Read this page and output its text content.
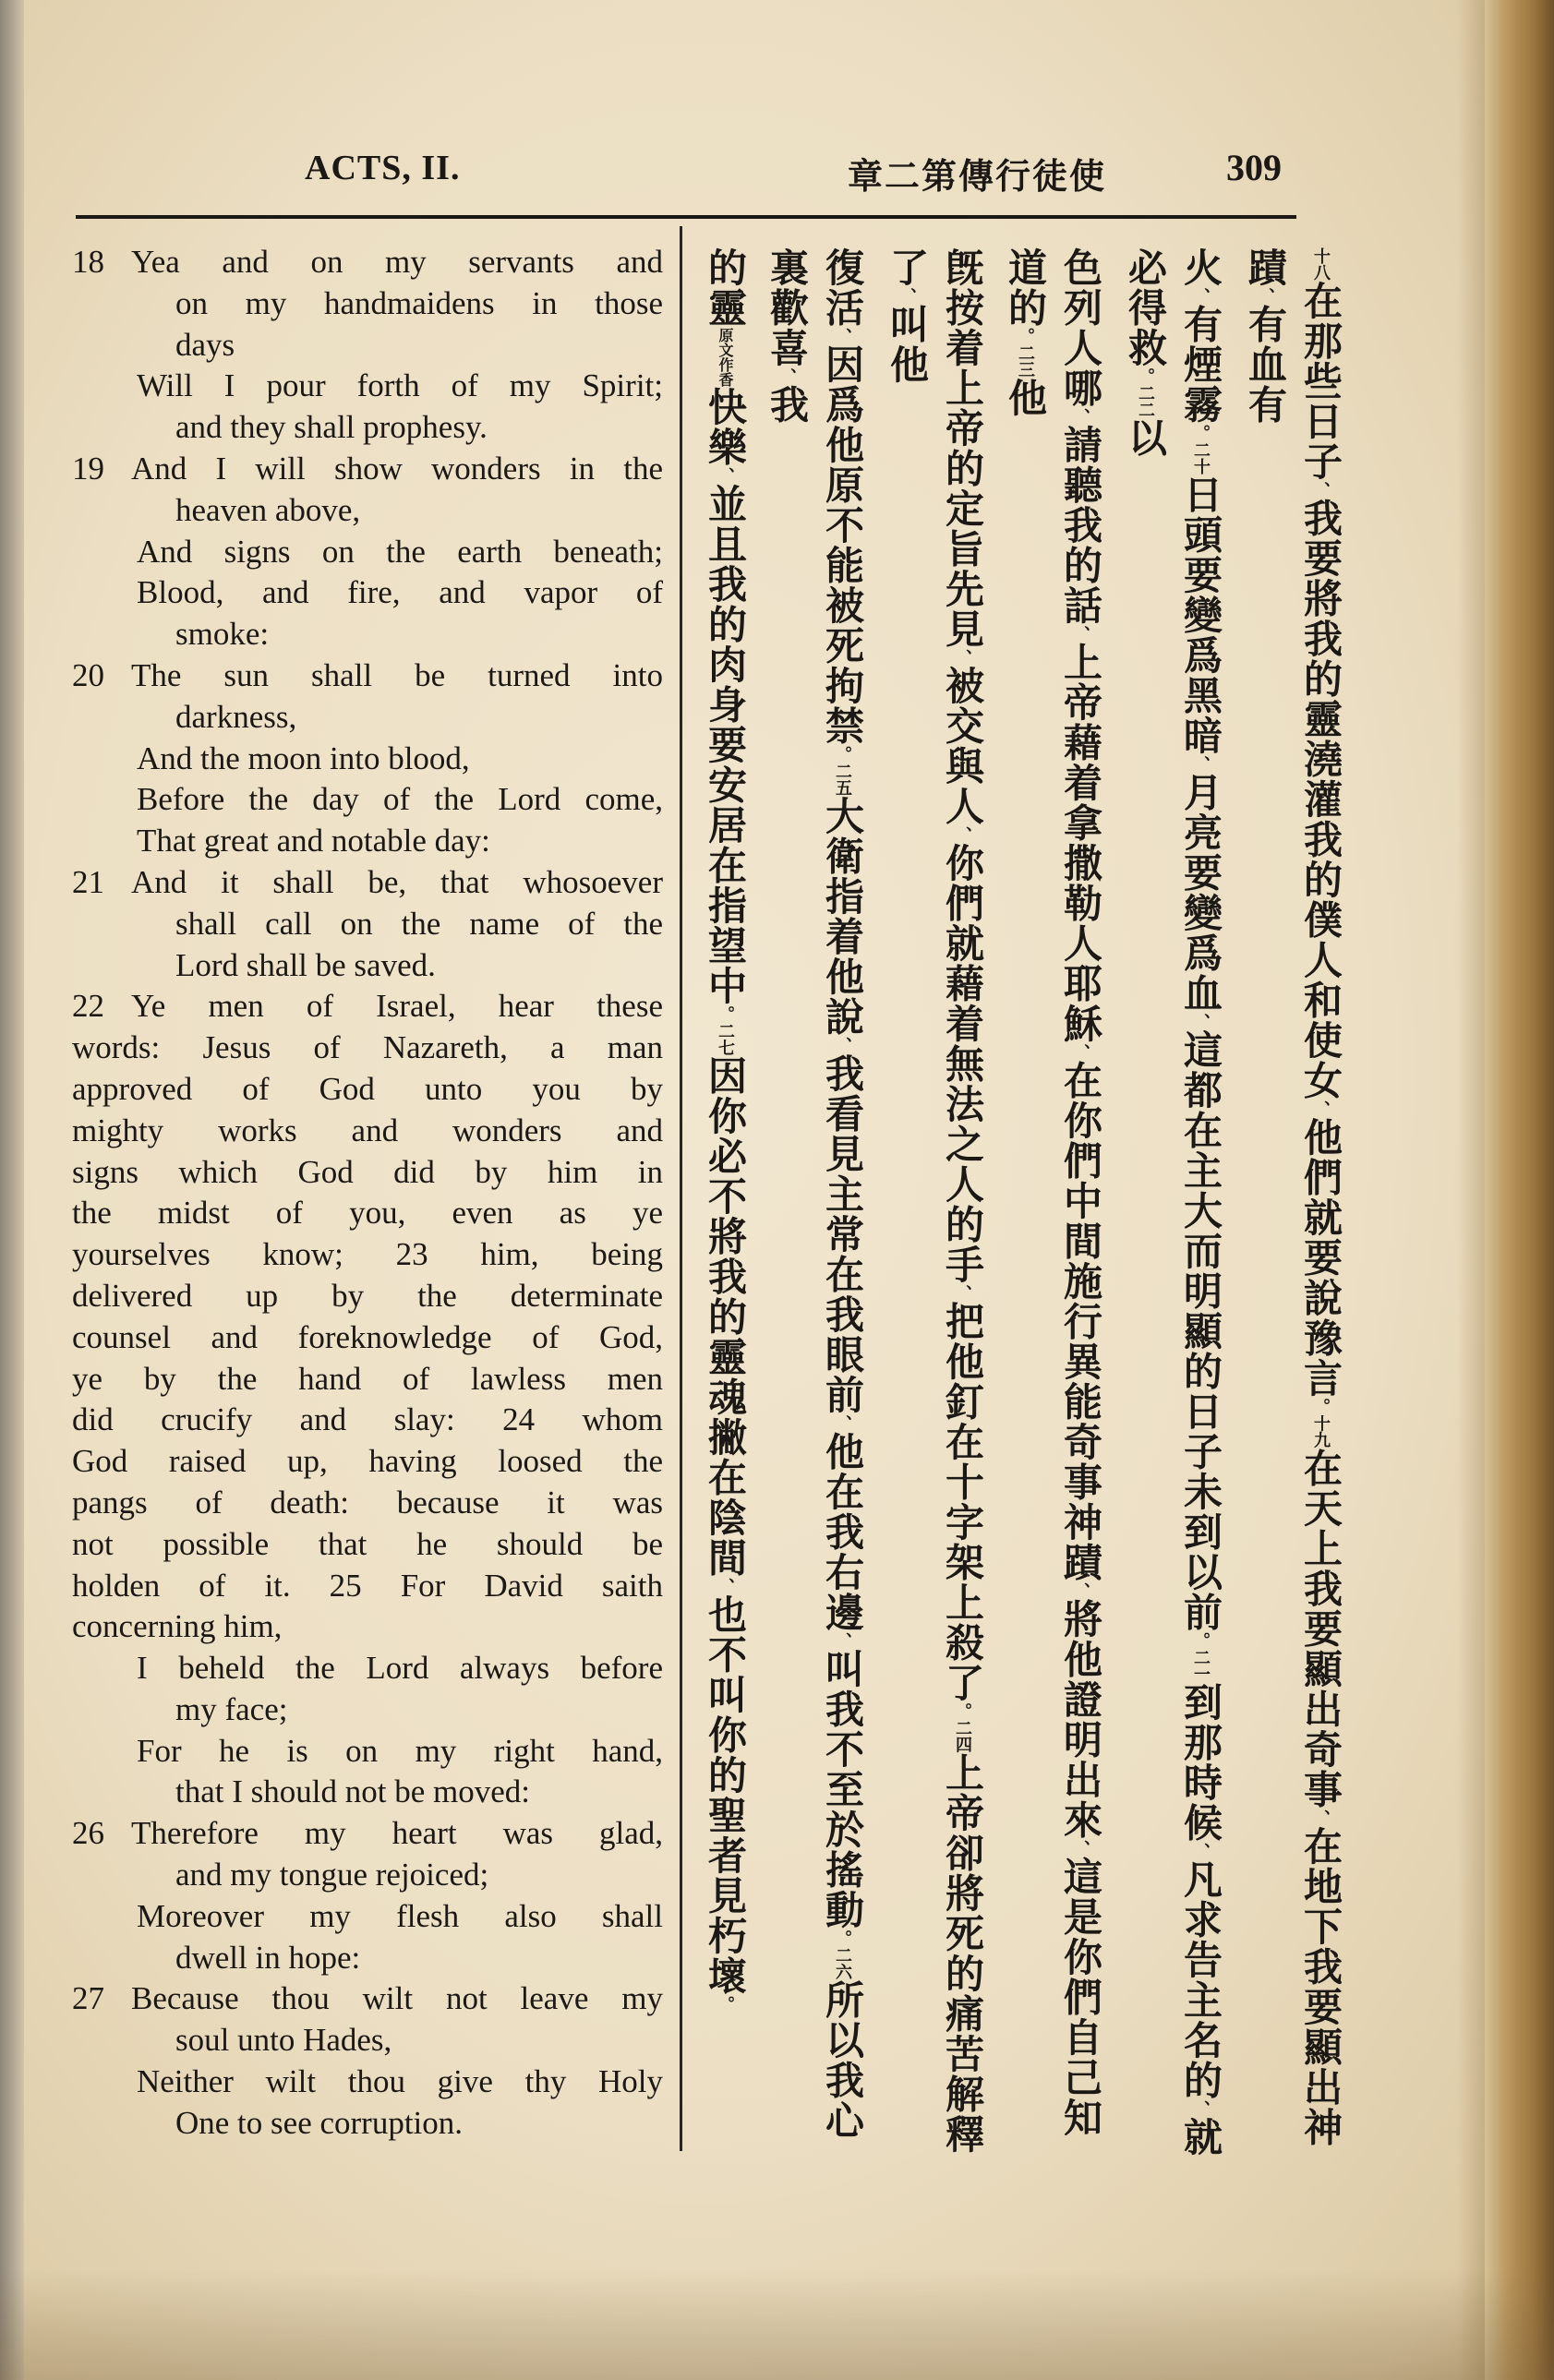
ACTS, II.	章二第傳行徒使	309
18 Yea and on my servants and
on my handmaidens in those
days
Will I pour forth of my Spirit;
and they shall prophesy.
19 And I will show wonders in the
heaven above,
And signs on the earth beneath;
Blood, and fire, and vapor of
smoke:
20 The sun shall be turned into
darkness,
And the moon into blood,
Before the day of the Lord come,
That great and notable day:
21 And it shall be, that whosoever
shall call on the name of the
Lord shall be saved.
22 Ye men of Israel, hear these
words: Jesus of Nazareth, a man
approved of God unto you by
mighty works and wonders and
signs which God did by him in
the midst of you, even as ye
yourselves know; 23 him, being
delivered up by the determinate
counsel and foreknowledge of God,
ye by the hand of lawless men
did crucify and slay: 24 whom
God raised up, having loosed the
pangs of death: because it was
not possible that he should be
holden of it. 25 For David saith
concerning him,
I beheld the Lord always before
my face;
For he is on my right hand,
that I should not be moved:
26 Therefore my heart was glad,
and my tongue rejoiced;
Moreover my flesh also shall
dwell in hope:
27 Because thou wilt not leave my
soul unto Hades,
Neither wilt thou give thy Holy
One to see corruption.
十八在那些日子、我要將我的靈澆灌我的僕人和使女、他們就要說豫言。十九在天上我要顯出奇事、在地下我要顯出神蹟、有血有
火、有煙霧。二十日頭要變爲黑暗、月亮要變爲血、這都在主大而明顯的日子未到以前。二一到那時候、凡求告主名的、就必得救。二二以
色列人哪、請聽我的話、上帝藉着拿撒勒人耶穌、在你們中間施行異能奇事神蹟、將他證明出來、這是你們自己知道的。二三他
旣按着上帝的定旨先見、被交與人、你們就藉着無法之人的手、把他釘在十字架上殺了。二四上帝卻將死的痛苦解釋了、叫他
復活、因爲他原不能被死拘禁。二五大衛指着他說、我看見主常在我眼前、他在我右邊、叫我不至於搖動。二六所以我心裏歡喜、我
的靈原文作香快樂、並且我的肉身要安居在指望中。二七因你必不將我的靈魂撇在陰間、也不叫你的聖者見朽壞。
